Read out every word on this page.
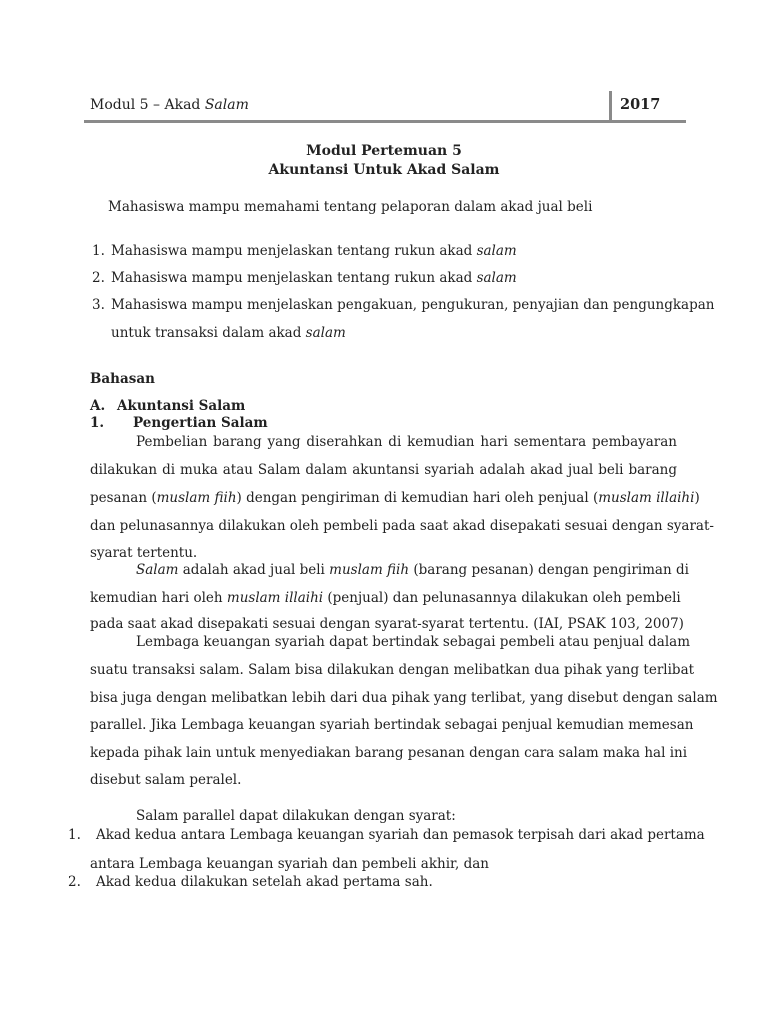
Modul 5 – Akad Salam	2017
Modul Pertemuan 5
Akuntansi Untuk Akad Salam
Mahasiswa mampu memahami tentang pelaporan dalam akad jual beli
1. Mahasiswa mampu menjelaskan tentang rukun akad salam
2. Mahasiswa mampu menjelaskan tentang rukun akad salam
3. Mahasiswa mampu menjelaskan pengakuan, pengukuran, penyajian dan pengungkapan
untuk transaksi dalam akad salam
Bahasan
A. Akuntansi Salam
1. Pengertian Salam
Pembelian barang yang diserahkan di kemudian hari sementara pembayaran
dilakukan di muka atau Salam dalam akuntansi syariah adalah akad jual beli barang
pesanan (muslam fiih) dengan pengiriman di kemudian hari oleh penjual (muslam illaihi)
dan pelunasannya dilakukan oleh pembeli pada saat akad disepakati sesuai dengan syarat-
syarat tertentu.
Salam adalah akad jual beli muslam fiih (barang pesanan) dengan pengiriman di
kemudian hari oleh muslam illaihi (penjual) dan pelunasannya dilakukan oleh pembeli
pada saat akad disepakati sesuai dengan syarat-syarat tertentu. (IAI, PSAK 103, 2007)
Lembaga keuangan syariah dapat bertindak sebagai pembeli atau penjual dalam
suatu transaksi salam. Salam bisa dilakukan dengan melibatkan dua pihak yang terlibat
bisa juga dengan melibatkan lebih dari dua pihak yang terlibat, yang disebut dengan salam
parallel. Jika Lembaga keuangan syariah bertindak sebagai penjual kemudian memesan
kepada pihak lain untuk menyediakan barang pesanan dengan cara salam maka hal ini
disebut salam peralel.
Salam parallel dapat dilakukan dengan syarat:
1. Akad kedua antara Lembaga keuangan syariah dan pemasok terpisah dari akad pertama
antara Lembaga keuangan syariah dan pembeli akhir, dan
2. Akad kedua dilakukan setelah akad pertama sah.
